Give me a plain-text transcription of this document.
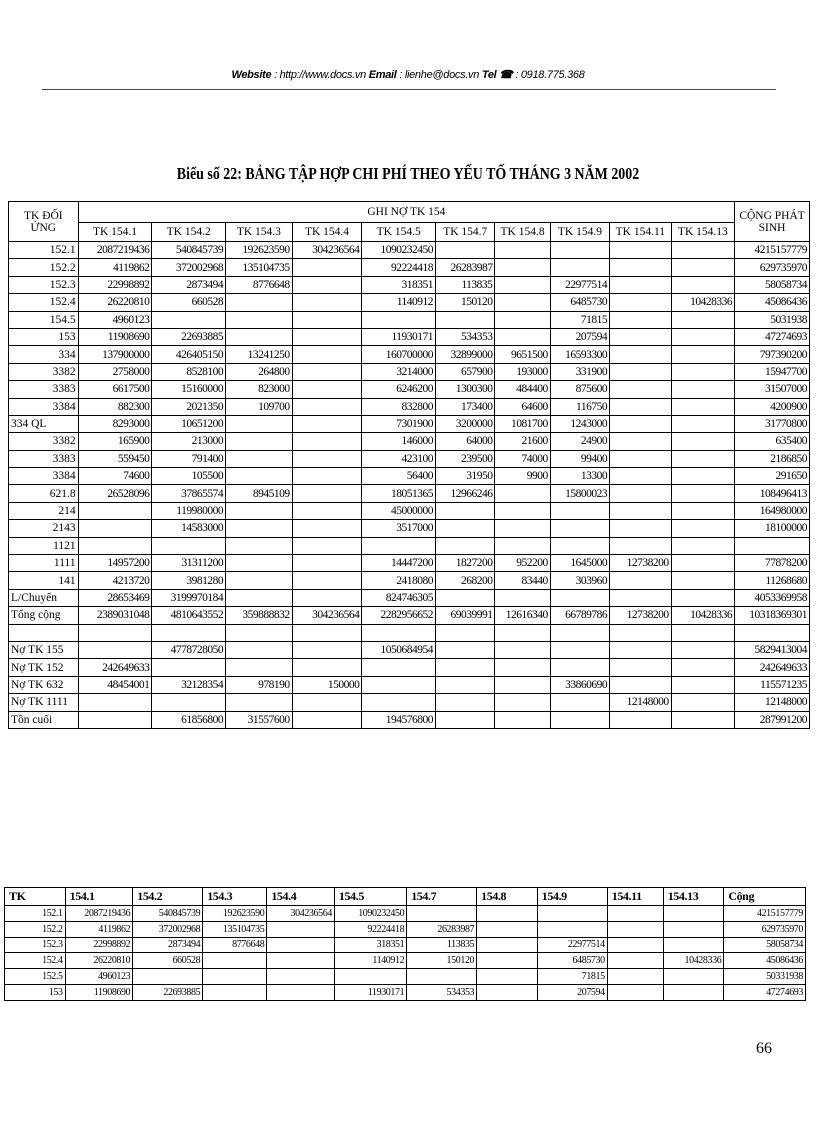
Website : http://www.docs.vn Email : lienhe@docs.vn Tel ☎ : 0918.775.368
Biểu số 22: BẢNG TẬP HỢP CHI PHÍ THEO YẾU TỐ THÁNG 3 NĂM 2002
TK ĐỐI ỨNG	GHI NỢ TK 154										CỘNG PHÁT SINH
	TK 154.1	TK 154.2	TK 154.3	TK 154.4	TK 154.5	TK 154.7	TK 154.8	TK 154.9	TK 154.11	TK 154.13	
152.1	2087219436	540845739	192623590	304236564	1090232450						4215157779
152.2	4119862	372002968	135104735		92224418	26283987					629735970
152.3	22998892	2873494	8776648		318351	113835		22977514			58058734
152.4	26220810	660528			1140912	150120		6485730		10428336	45086436
154.5	4960123							71815			5031938
153	11908690	22693885			11930171	534353		207594			47274693
334	137900000	426405150	13241250		160700000	32899000	9651500	16593300			797390200
3382	2758000	8528100	264800		3214000	657900	193000	331900			15947700
3383	6617500	15160000	823000		6246200	1300300	484400	875600			31507000
3384	882300	2021350	109700		832800	173400	64600	116750			4200900
334 QL	8293000	10651200			7301900	3200000	1081700	1243000			31770800
3382	165900	213000			146000	64000	21600	24900			635400
3383	559450	791400			423100	239500	74000	99400			2186850
3384	74600	105500			56400	31950	9900	13300			291650
621.8	26528096	37865574	8945109		18051365	12966246		15800023			108496413
214		119980000			45000000						164980000
2143		14583000			3517000						18100000
1121											
1111	14957200	31311200			14447200	1827200	952200	1645000	12738200		77878200
141	4213720	3981280			2418080	268200	83440	303960			11268680
L/Chuyển	28653469	3199970184			824746305						4053369958
Tổng cộng	2389031048	4810643552	359888832	304236564	2282956652	69039991	12616340	66789786	12738200	10428336	10318369301

Nợ TK 155		4778728050			1050684954						5829413004
Nợ TK 152	242649633										242649633
Nợ TK 632	48454001	32128354	978190	150000				33860690			115571235
Nợ TK 1111									12148000		12148000
Tồn cuối		61856800	31557600		194576800						287991200
TK	154.1	154.2	154.3	154.4	154.5	154.7	154.8	154.9	154.11	154.13	Cộng
152.1	2087219436	540845739	192623590	304236564	1090232450						4215157779
152.2	4119862	372002968	135104735		92224418	26283987					629735970
152.3	22998892	2873494	8776648		318351	113835		22977514			58058734
152.4	26220810	660528			1140912	150120		6485730		10428336	45086436
152.5	4960123							71815			50331938
153	11908690	22693885			11930171	534353		207594			47274693
66
